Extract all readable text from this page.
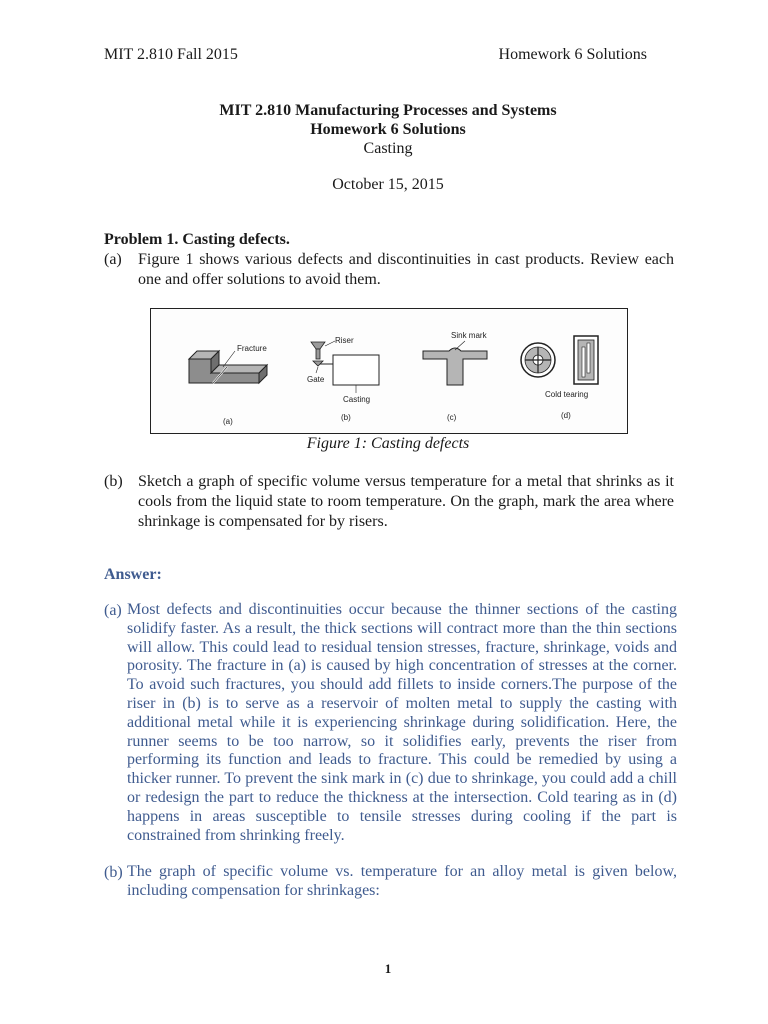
MIT 2.810 Fall 2015	Homework 6 Solutions
MIT 2.810 Manufacturing Processes and Systems
Homework 6 Solutions
Casting
October 15, 2015
Problem 1. Casting defects.
(a) Figure 1 shows various defects and discontinuities in cast products. Review each one and offer solutions to avoid them.
Fracture
(a)
Riser
Gate
Casting
(b)
Sink mark
(c)
Cold tearing
(d)
Figure 1: Casting defects
(b) Sketch a graph of specific volume versus temperature for a metal that shrinks as it cools from the liquid state to room temperature. On the graph, mark the area where shrinkage is compensated for by risers.
Answer:
(a) Most defects and discontinuities occur because the thinner sections of the casting solidify faster. As a result, the thick sections will contract more than the thin sections will allow. This could lead to residual tension stresses, fracture, shrinkage, voids and porosity. The fracture in (a) is caused by high concentration of stresses at the corner. To avoid such fractures, you should add fillets to inside corners.The purpose of the riser in (b) is to serve as a reservoir of molten metal to supply the casting with additional metal while it is experiencing shrinkage during solidification. Here, the runner seems to be too narrow, so it solidifies early, prevents the riser from performing its function and leads to fracture. This could be remedied by using a thicker runner. To prevent the sink mark in (c) due to shrinkage, you could add a chill or redesign the part to reduce the thickness at the intersection. Cold tearing as in (d) happens in areas susceptible to tensile stresses during cooling if the part is constrained from shrinking freely.
(b) The graph of specific volume vs. temperature for an alloy metal is given below, including compensation for shrinkages:
1
